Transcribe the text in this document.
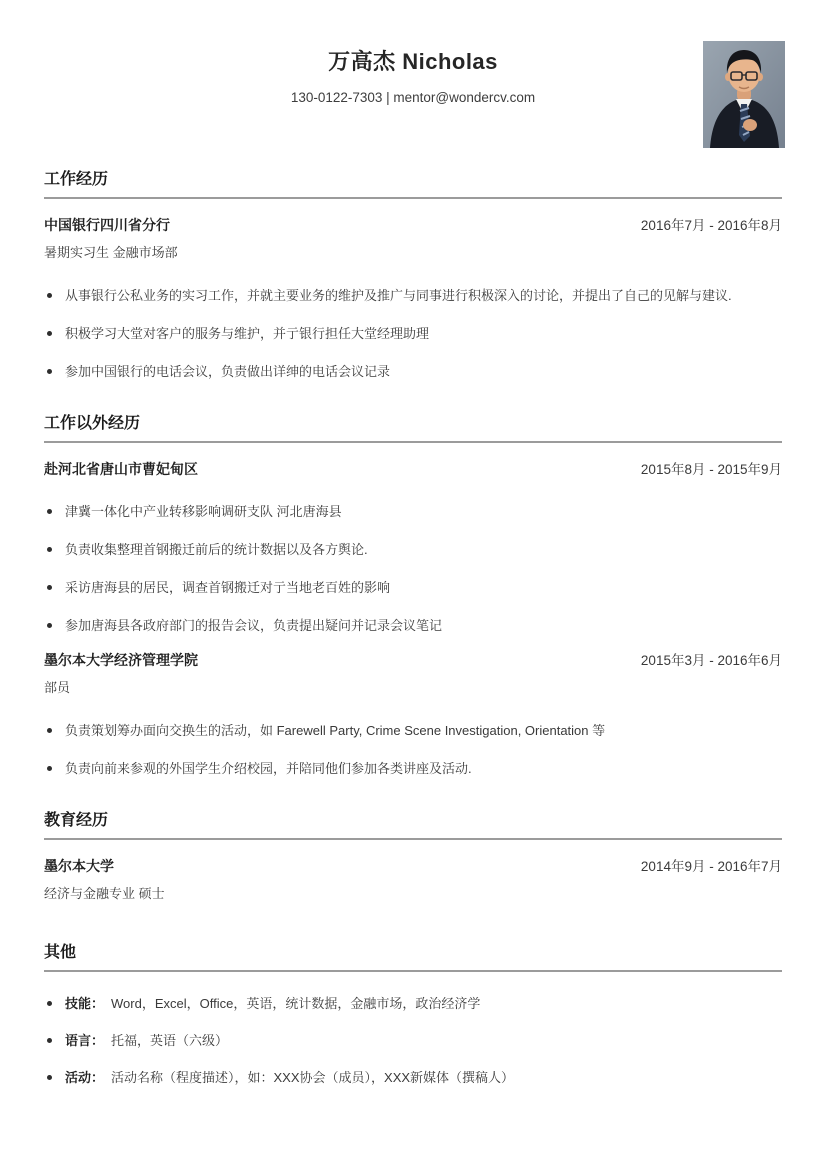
万高杰 Nicholas
130-0122-7303 | mentor@wondercv.com
工作经历
中国银行四川省分行	2016年7月 - 2016年8月
暑期实习生 金融市场部
从事银行公私业务的实习工作，并就主要业务的维护及推广与同事进行积极深入的讨论，并提出了自己的见解与建议.
积极学习大堂对客户的服务与维护，并亍银行担任大堂经理助理
参加中国银行的电话会议，负责做出详绅的电话会议记录
工作以外经历
赴河北省唐山市曹妃甸区	2015年8月 - 2015年9月
津冀一体化中产业转移影响调研支队 河北唐海县
负责收集整理首钢搬迁前后的统计数据以及各方舆论.
采访唐海县的居民，调查首钢搬迁对亍当地老百姓的影响
参加唐海县各政府部门的报告会议，负责提出疑问并记录会议笔记
墨尔本大学经济管理学院	2015年3月 - 2016年6月
部员
负责策划筹办面向交换生的活动，如 Farewell Party, Crime Scene Investigation, Orientation 等
负责向前来参观的外国学生介绍校园，并陪同他们参加各类讲座及活动.
教育经历
墨尔本大学	2014年9月 - 2016年7月
经济与金融专业 硕士
其他
技能： Word，Excel，Office，英语，统计数据，金融市场，政治经济学
语言： 托福，英语（六级）
活动： 活动名称（程度描述），如：XXX协会（成员），XXX新媒体（撰稿人）
